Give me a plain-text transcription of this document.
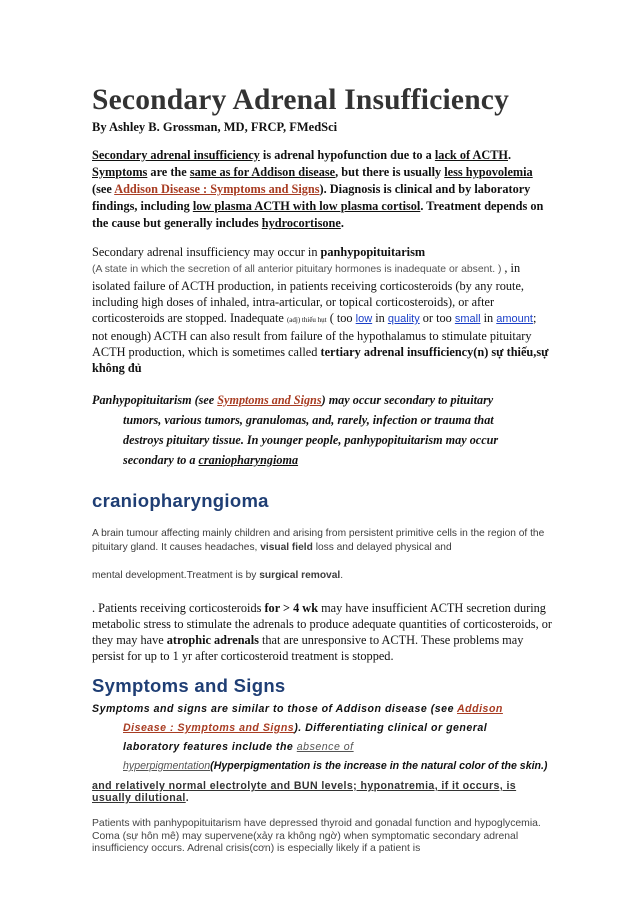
Secondary Adrenal Insufficiency
By Ashley B. Grossman, MD, FRCP, FMedSci
Secondary adrenal insufficiency is adrenal hypofunction due to a lack of ACTH. Symptoms are the same as for Addison disease, but there is usually less hypovolemia (see Addison Disease : Symptoms and Signs). Diagnosis is clinical and by laboratory findings, including low plasma ACTH with low plasma cortisol. Treatment depends on the cause but generally includes hydrocortisone.
Secondary adrenal insufficiency may occur in panhypopituitarism
(A state in which the secretion of all anterior pituitary hormones is inadequate or absent. ) , in isolated failure of ACTH production, in patients receiving corticosteroids (by any route, including high doses of inhaled, intra-articular, or topical corticosteroids), or after corticosteroids are stopped. Inadequate (adj) thiếu hụt ( too low in quality or too small in amount; not enough) ACTH can also result from failure of the hypothalamus to stimulate pituitary ACTH production, which is sometimes called tertiary adrenal insufficiency(n) sự thiếu,sự không đủ
Panhypopituitarism (see Symptoms and Signs) may occur secondary to pituitary
tumors, various tumors, granulomas, and, rarely, infection or trauma that
destroys pituitary tissue. In younger people, panhypopituitarism may occur
secondary to a craniopharyngioma
craniopharyngioma
A brain tumour affecting mainly children and arising from persistent primitive cells in the region of the pituitary gland. It causes headaches, visual field loss and delayed physical and
mental development.Treatment is by surgical removal.
. Patients receiving corticosteroids for > 4 wk may have insufficient ACTH secretion during metabolic stress to stimulate the adrenals to produce adequate quantities of corticosteroids, or they may have atrophic adrenals that are unresponsive to ACTH. These problems may persist for up to 1 yr after corticosteroid treatment is stopped.
Symptoms and Signs
Symptoms and signs are similar to those of Addison disease (see Addison
Disease : Symptoms and Signs). Differentiating clinical or general
laboratory features include the absence of
hyperpigmentation(Hyperpigmentation is the increase in the natural color of the skin.)
and relatively normal electrolyte and BUN levels; hyponatremia, if it occurs, is usually dilutional.
Patients with panhypopituitarism have depressed thyroid and gonadal function and hypoglycemia. Coma (sự hôn mê) may supervene(xảy ra không ngờ) when symptomatic secondary adrenal insufficiency occurs. Adrenal crisis(cơn) is especially likely if a patient is
